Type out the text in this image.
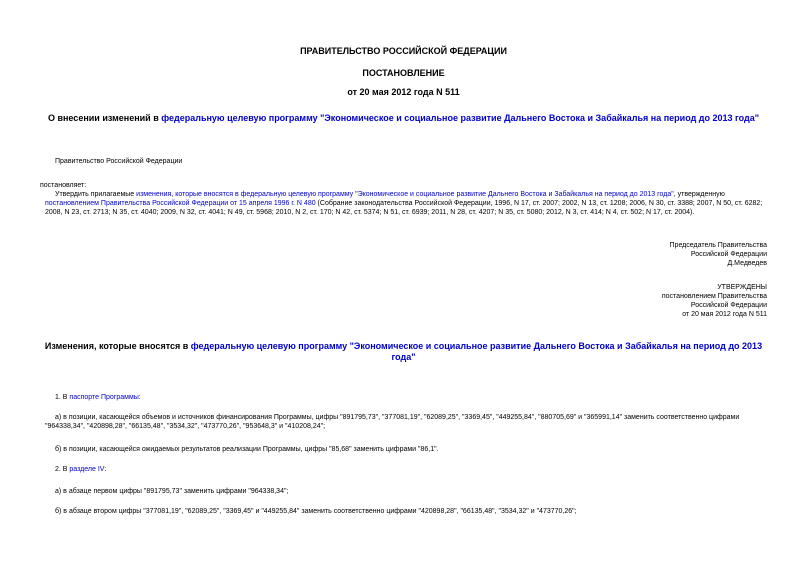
ПРАВИТЕЛЬСТВО РОССИЙСКОЙ ФЕДЕРАЦИИ
ПОСТАНОВЛЕНИЕ
от 20 мая 2012 года N 511
О внесении изменений в федеральную целевую программу "Экономическое и социальное развитие Дальнего Востока и Забайкалья на период до 2013 года"
Правительство Российской Федерации
постановляет:
Утвердить прилагаемые изменения, которые вносятся в федеральную целевую программу "Экономическое и социальное развитие Дальнего Востока и Забайкалья на период до 2013 года", утвержденную постановлением Правительства Российской Федерации от 15 апреля 1996 г. N 480 (Собрание законодательства Российской Федерации, 1996, N 17, ст. 2007; 2002, N 13, ст. 1208; 2006, N 30, ст. 3388; 2007, N 50, ст. 6282; 2008, N 23, ст. 2713; N 35, ст. 4040; 2009, N 32, ст. 4041; N 49, ст. 5968; 2010, N 2, ст. 170; N 42, ст. 5374; N 51, ст. 6939; 2011, N 28, ст. 4207; N 35, ст. 5080; 2012, N 3, ст. 414; N 4, ст. 502; N 17, ст. 2004).
Председатель Правительства
Российской Федерации
Д.Медведев
УТВЕРЖДЕНЫ
постановлением Правительства
Российской Федерации
от 20 мая 2012 года N 511
Изменения, которые вносятся в федеральную целевую программу "Экономическое и социальное развитие Дальнего Востока и Забайкалья на период до 2013 года"
1. В паспорте Программы:
а) в позиции, касающейся объемов и источников финансирования Программы, цифры "891795,73", "377081,19", "62089,25", "3369,45", "449255,84", "880705,69" и "365991,14" заменить соответственно цифрами "964338,34", "420898,28", "66135,48", "3534,32", "473770,26", "953648,3" и "410208,24";
б) в позиции, касающейся ожидаемых результатов реализации Программы, цифры "85,68" заменить цифрами "86,1".
2. В разделе IV:
а) в абзаце первом цифры "891795,73" заменить цифрами "964338,34";
б) в абзаце втором цифры "377081,19", "62089,25", "3369,45" и "449255,84" заменить соответственно цифрами "420898,28", "66135,48", "3534,32" и "473770,26";
